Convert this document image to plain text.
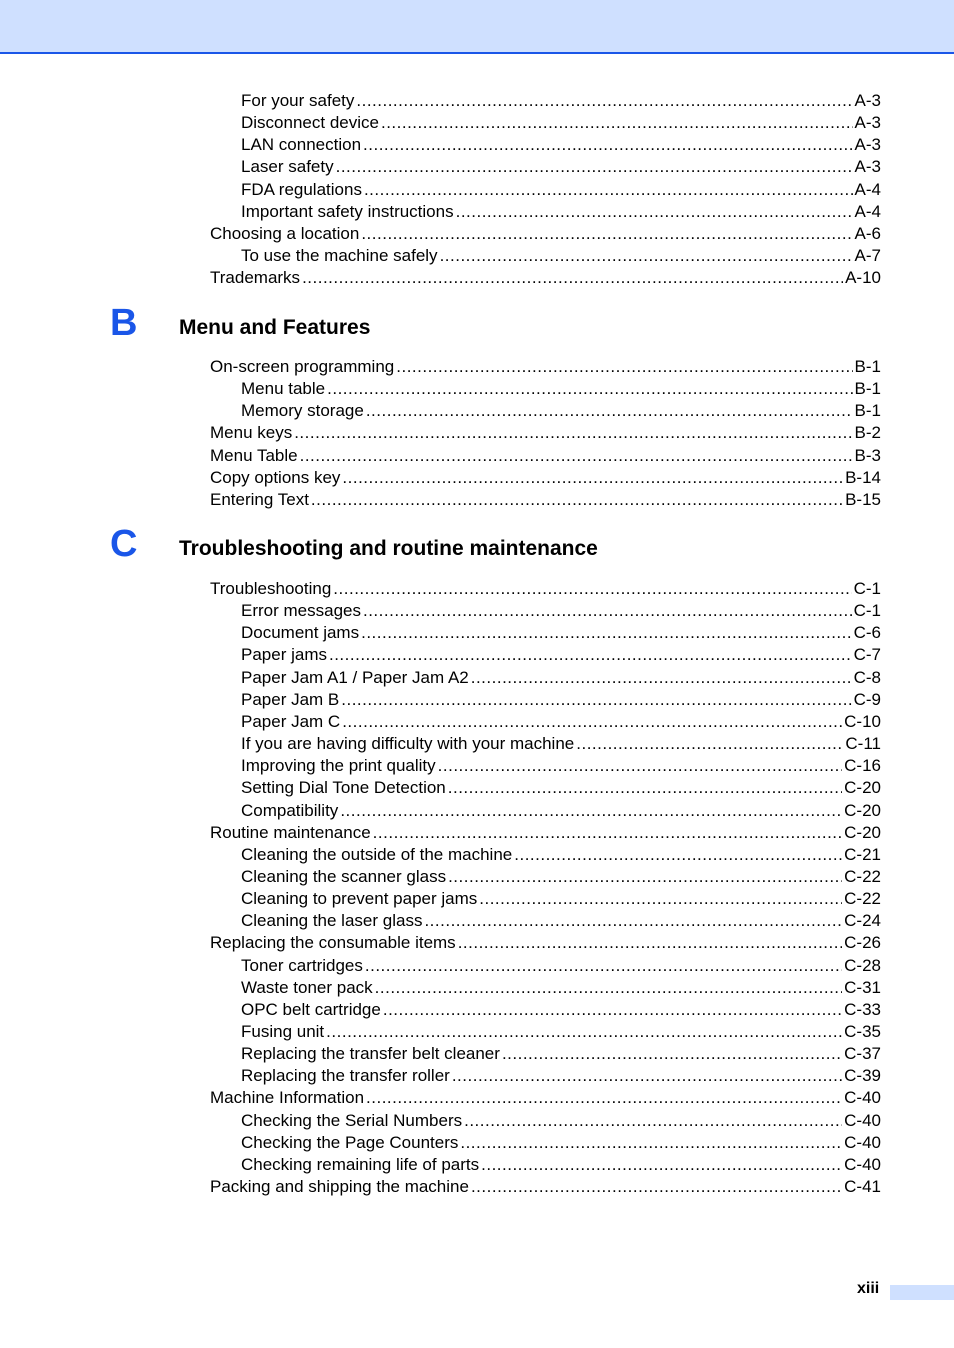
For your safety .....	A-3
Disconnect device .....	A-3
LAN connection .....	A-3
Laser safety .....	A-3
FDA regulations .....	A-4
Important safety instructions .....	A-4
Choosing a location .....	A-6
To use the machine safely .....	A-7
Trademarks .....	A-10
B Menu and Features
On-screen programming .....	B-1
Menu table .....	B-1
Memory storage .....	B-1
Menu keys .....	B-2
Menu Table .....	B-3
Copy options key .....	B-14
Entering Text .....	B-15
C Troubleshooting and routine maintenance
Troubleshooting .....	C-1
Error messages .....	C-1
Document jams .....	C-6
Paper jams .....	C-7
Paper Jam A1 / Paper Jam A2 .....	C-8
Paper Jam B .....	C-9
Paper Jam C .....	C-10
If you are having difficulty with your machine .....	C-11
Improving the print quality .....	C-16
Setting Dial Tone Detection .....	C-20
Compatibility .....	C-20
Routine maintenance .....	C-20
Cleaning the outside of the machine .....	C-21
Cleaning the scanner glass .....	C-22
Cleaning to prevent paper jams .....	C-22
Cleaning the laser glass .....	C-24
Replacing the consumable items .....	C-26
Toner cartridges .....	C-28
Waste toner pack .....	C-31
OPC belt cartridge .....	C-33
Fusing unit .....	C-35
Replacing the transfer belt cleaner .....	C-37
Replacing the transfer roller .....	C-39
Machine Information .....	C-40
Checking the Serial Numbers .....	C-40
Checking the Page Counters .....	C-40
Checking remaining life of parts .....	C-40
Packing and shipping the machine .....	C-41
xiii
